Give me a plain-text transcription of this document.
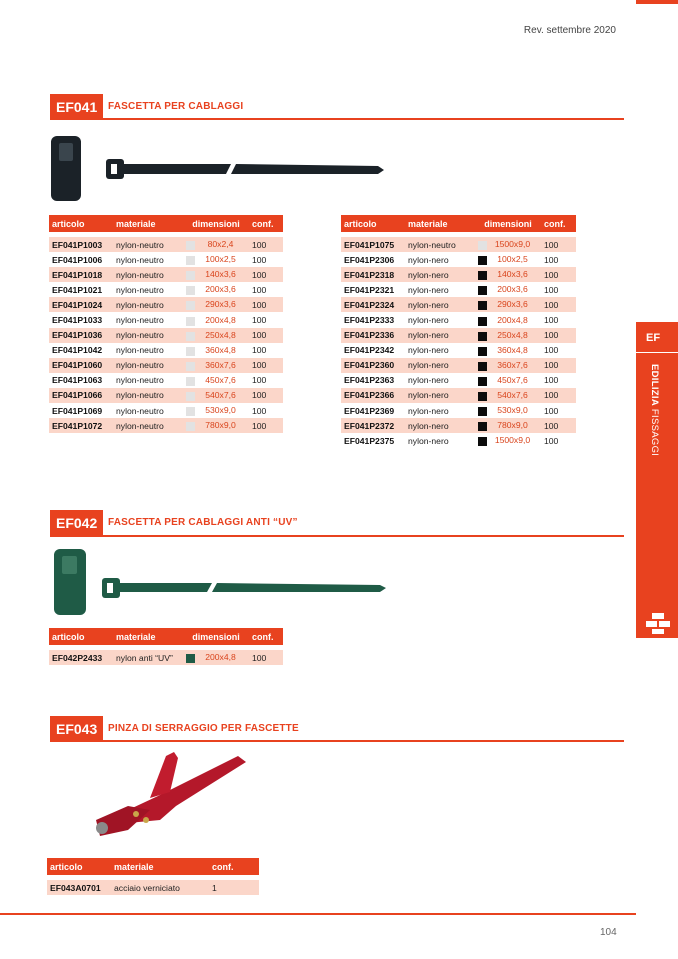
Rev. settembre 2020
EF041	FASCETTA PER CABLAGGI
articolo	materiale	dimensioni	conf.

EF041P1003	nylon-neutro	80x2,4	100
EF041P1006	nylon-neutro	100x2,5	100
EF041P1018	nylon-neutro	140x3,6	100
EF041P1021	nylon-neutro	200x3,6	100
EF041P1024	nylon-neutro	290x3,6	100
EF041P1033	nylon-neutro	200x4,8	100
EF041P1036	nylon-neutro	250x4,8	100
EF041P1042	nylon-neutro	360x4,8	100
EF041P1060	nylon-neutro	360x7,6	100
EF041P1063	nylon-neutro	450x7,6	100
EF041P1066	nylon-neutro	540x7,6	100
EF041P1069	nylon-neutro	530x9,0	100
EF041P1072	nylon-neutro	780x9,0	100
articolo	materiale	dimensioni	conf.

EF041P1075	nylon-neutro	1500x9,0	100
EF041P2306	nylon-nero	100x2,5	100
EF041P2318	nylon-nero	140x3,6	100
EF041P2321	nylon-nero	200x3,6	100
EF041P2324	nylon-nero	290x3,6	100
EF041P2333	nylon-nero	200x4,8	100
EF041P2336	nylon-nero	250x4,8	100
EF041P2342	nylon-nero	360x4,8	100
EF041P2360	nylon-nero	360x7,6	100
EF041P2363	nylon-nero	450x7,6	100
EF041P2366	nylon-nero	540x7,6	100
EF041P2369	nylon-nero	530x9,0	100
EF041P2372	nylon-nero	780x9,0	100
EF041P2375	nylon-nero	1500x9,0	100
EF042	FASCETTA PER CABLAGGI ANTI “UV”
articolo	materiale	dimensioni	conf.

EF042P2433	nylon anti “UV”	200x4,8	100
EF043	PINZA DI SERRAGGIO PER FASCETTE
articolo	materiale	conf.

EF043A0701	acciaio verniciato	1
EF
EDILIZIA FISSAGGI
104
